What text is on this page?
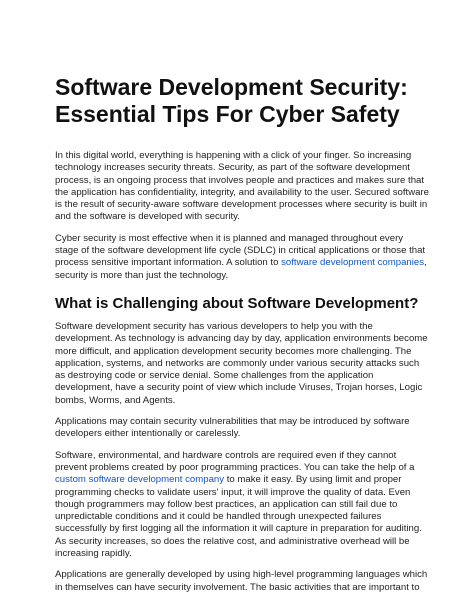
Software Development Security:
Essential Tips For Cyber Safety

In this digital world, everything is happening with a click of your finger. So increasing
technology increases security threats. Security, as part of the software development
process, is an ongoing process that involves people and practices and makes sure that
the application has confidentiality, integrity, and availability to the user. Secured software
is the result of security-aware software development processes where security is built in
and the software is developed with security.

Cyber security is most effective when it is planned and managed throughout every
stage of the software development life cycle (SDLC) in critical applications or those that
process sensitive important information. A solution to software development companies,
security is more than just the technology.

What is Challenging about Software Development?

Software development security has various developers to help you with the
development. As technology is advancing day by day, application environments become
more difficult, and application development security becomes more challenging. The
application, systems, and networks are commonly under various security attacks such
as destroying code or service denial. Some challenges from the application
development, have a security point of view which include Viruses, Trojan horses, Logic
bombs, Worms, and Agents.

Applications may contain security vulnerabilities that may be introduced by software
developers either intentionally or carelessly.

Software, environmental, and hardware controls are required even if they cannot
prevent problems created by poor programming practices. You can take the help of a
custom software development company to make it easy. By using limit and proper
programming checks to validate users' input, it will improve the quality of data. Even
though programmers may follow best practices, an application can still fail due to
unpredictable conditions and it could be handled through unexpected failures
successfully by first logging all the information it will capture in preparation for auditing.
As security increases, so does the relative cost, and administrative overhead will be
increasing rapidly.

Applications are generally developed by using high-level programming languages which
in themselves can have security involvement. The basic activities that are important to
